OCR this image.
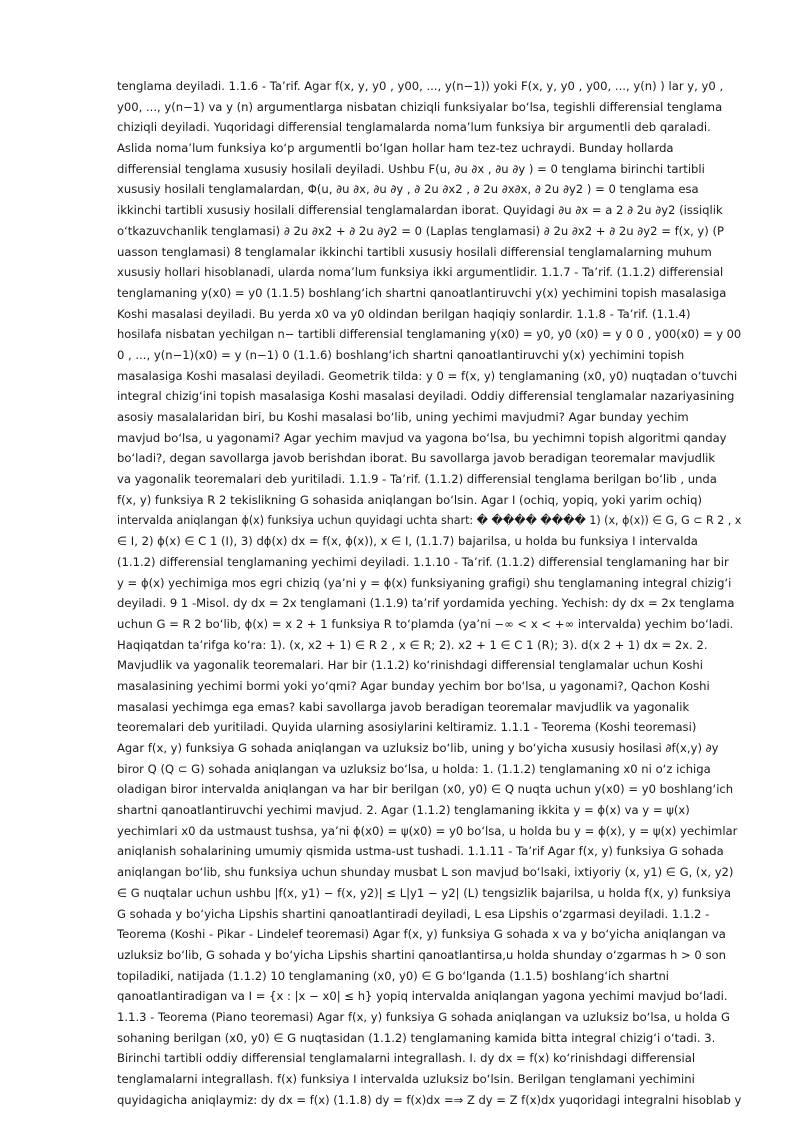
tenglama deyiladi. 1.1.6 - Ta’rif. Agar f(x, y, y0 , y00, ..., y(n−1)) yoki F(x, y, y0 , y00, ..., y(n) ) lar y, y0 ,
y00, ..., y(n−1) va y (n) argumentlarga nisbatan chiziqli funksiyalar bo‘lsa, tegishli differensial tenglama
chiziqli deyiladi. Yuqoridagi differensial tenglamalarda noma’lum funksiya bir argumentli deb qaraladi.
Aslida noma’lum funksiya ko‘p argumentli bo‘lgan hollar ham tez-tez uchraydi. Bunday hollarda
differensial tenglama xususiy hosilali deyiladi. Ushbu F(u, ∂u ∂x , ∂u ∂y ) = 0 tenglama birinchi tartibli
xususiy hosilali tenglamalardan, Φ(u, ∂u ∂x, ∂u ∂y , ∂ 2u ∂x2 , ∂ 2u ∂x∂x, ∂ 2u ∂y2 ) = 0 tenglama esa
ikkinchi tartibli xususiy hosilali differensial tenglamalardan iborat. Quyidagi ∂u ∂x = a 2 ∂ 2u ∂y2 (issiqlik
o‘tkazuvchanlik tenglamasi) ∂ 2u ∂x2 + ∂ 2u ∂y2 = 0 (Laplas tenglamasi) ∂ 2u ∂x2 + ∂ 2u ∂y2 = f(x, y) (P
uasson tenglamasi) 8 tenglamalar ikkinchi tartibli xususiy hosilali differensial tenglamalarning muhum
xususiy hollari hisoblanadi, ularda noma’lum funksiya ikki argumentlidir. 1.1.7 - Ta’rif. (1.1.2) differensial
tenglamaning y(x0) = y0 (1.1.5) boshlang‘ich shartni qanoatlantiruvchi y(x) yechimini topish masalasiga
Koshi masalasi deyiladi. Bu yerda x0 va y0 oldindan berilgan haqiqiy sonlardir. 1.1.8 - Ta’rif. (1.1.4)
hosilafa nisbatan yechilgan n− tartibli differensial tenglamaning y(x0) = y0, y0 (x0) = y 0 0 , y00(x0) = y 00
0 , ..., y(n−1)(x0) = y (n−1) 0 (1.1.6) boshlang‘ich shartni qanoatlantiruvchi y(x) yechimini topish
masalasiga Koshi masalasi deyiladi. Geometrik tilda: y 0 = f(x, y) tenglamaning (x0, y0) nuqtadan o‘tuvchi
integral chizig‘ini topish masalasiga Koshi masalasi deyiladi. Oddiy differensial tenglamalar nazariyasining
asosiy masalalaridan biri, bu Koshi masalasi bo‘lib, uning yechimi mavjudmi? Agar bunday yechim
mavjud bo‘lsa, u yagonami? Agar yechim mavjud va yagona bo‘lsa, bu yechimni topish algoritmi qanday
bo‘ladi?, degan savollarga javob berishdan iborat. Bu savollarga javob beradigan teoremalar mavjudlik
va yagonalik teoremalari deb yuritiladi. 1.1.9 - Ta’rif. (1.1.2) differensial tenglama berilgan bo‘lib , unda
f(x, y) funksiya R 2 tekislikning G sohasida aniqlangan bo‘lsin. Agar I (ochiq, yopiq, yoki yarim ochiq)
intervalda aniqlangan ϕ(x) funksiya uchun quyidagi uchta shart: � ���� ���� 1) (x, ϕ(x)) ∈ G, G ⊂ R 2 , x
∈ I, 2) ϕ(x) ∈ C 1 (I), 3) dϕ(x) dx = f(x, ϕ(x)), x ∈ I, (1.1.7) bajarilsa, u holda bu funksiya I intervalda
(1.1.2) differensial tenglamaning yechimi deyiladi. 1.1.10 - Ta’rif. (1.1.2) differensial tenglamaning har bir
y = ϕ(x) yechimiga mos egri chiziq (ya’ni y = ϕ(x) funksiyaning grafigi) shu tenglamaning integral chizig‘i
deyiladi. 9 1 -Misol. dy dx = 2x tenglamani (1.1.9) ta’rif yordamida yeching. Yechish: dy dx = 2x tenglama
uchun G = R 2 bo‘lib, ϕ(x) = x 2 + 1 funksiya R to‘plamda (ya’ni −∞ < x < +∞ intervalda) yechim bo‘ladi.
Haqiqatdan ta’rifga ko‘ra: 1). (x, x2 + 1) ∈ R 2 , x ∈ R; 2). x2 + 1 ∈ C 1 (R); 3). d(x 2 + 1) dx = 2x. 2.
Mavjudlik va yagonalik teoremalari. Har bir (1.1.2) ko‘rinishdagi differensial tenglamalar uchun Koshi
masalasining yechimi bormi yoki yo‘qmi? Agar bunday yechim bor bo‘lsa, u yagonami?, Qachon Koshi
masalasi yechimga ega emas? kabi savollarga javob beradigan teoremalar mavjudlik va yagonalik
teoremalari deb yuritiladi. Quyida ularning asosiylarini keltiramiz. 1.1.1 - Teorema (Koshi teoremasi)
Agar f(x, y) funksiya G sohada aniqlangan va uzluksiz bo‘lib, uning y bo‘yicha xususiy hosilasi ∂f(x,y) ∂y
biror Q (Q ⊂ G) sohada aniqlangan va uzluksiz bo‘lsa, u holda: 1. (1.1.2) tenglamaning x0 ni o‘z ichiga
oladigan biror intervalda aniqlangan va har bir berilgan (x0, y0) ∈ Q nuqta uchun y(x0) = y0 boshlang‘ich
shartni qanoatlantiruvchi yechimi mavjud. 2. Agar (1.1.2) tenglamaning ikkita y = ϕ(x) va y = ψ(x)
yechimlari x0 da ustmaust tushsa, ya’ni ϕ(x0) = ψ(x0) = y0 bo‘lsa, u holda bu y = ϕ(x), y = ψ(x) yechimlar
aniqlanish sohalarining umumiy qismida ustma-ust tushadi. 1.1.11 - Ta’rif Agar f(x, y) funksiya G sohada
aniqlangan bo‘lib, shu funksiya uchun shunday musbat L son mavjud bo‘lsaki, ixtiyoriy (x, y1) ∈ G, (x, y2)
∈ G nuqtalar uchun ushbu |f(x, y1) − f(x, y2)| ≤ L|y1 − y2| (L) tengsizlik bajarilsa, u holda f(x, y) funksiya
G sohada y bo‘yicha Lipshis shartini qanoatlantiradi deyiladi, L esa Lipshis o‘zgarmasi deyiladi. 1.1.2 -
Teorema (Koshi - Pikar - Lindelef teoremasi) Agar f(x, y) funksiya G sohada x va y bo‘yicha aniqlangan va
uzluksiz bo‘lib, G sohada y bo‘yicha Lipshis shartini qanoatlantirsa,u holda shunday o‘zgarmas h > 0 son
topiladiki, natijada (1.1.2) 10 tenglamaning (x0, y0) ∈ G bo‘lganda (1.1.5) boshlang‘ich shartni
qanoatlantiradigan va I = {x : |x − x0| ≤ h} yopiq intervalda aniqlangan yagona yechimi mavjud bo‘ladi.
1.1.3 - Teorema (Piano teoremasi) Agar f(x, y) funksiya G sohada aniqlangan va uzluksiz bo‘lsa, u holda G
sohaning berilgan (x0, y0) ∈ G nuqtasidan (1.1.2) tenglamaning kamida bitta integral chizig‘i o‘tadi. 3.
Birinchi tartibli oddiy differensial tenglamalarni integrallash. I. dy dx = f(x) ko‘rinishdagi differensial
tenglamalarni integrallash. f(x) funksiya I intervalda uzluksiz bo‘lsin. Berilgan tenglamani yechimini
quyidagicha aniqlaymiz: dy dx = f(x) (1.1.8) dy = f(x)dx =⇒ Z dy = Z f(x)dx yuqoridagi integralni hisoblab y
